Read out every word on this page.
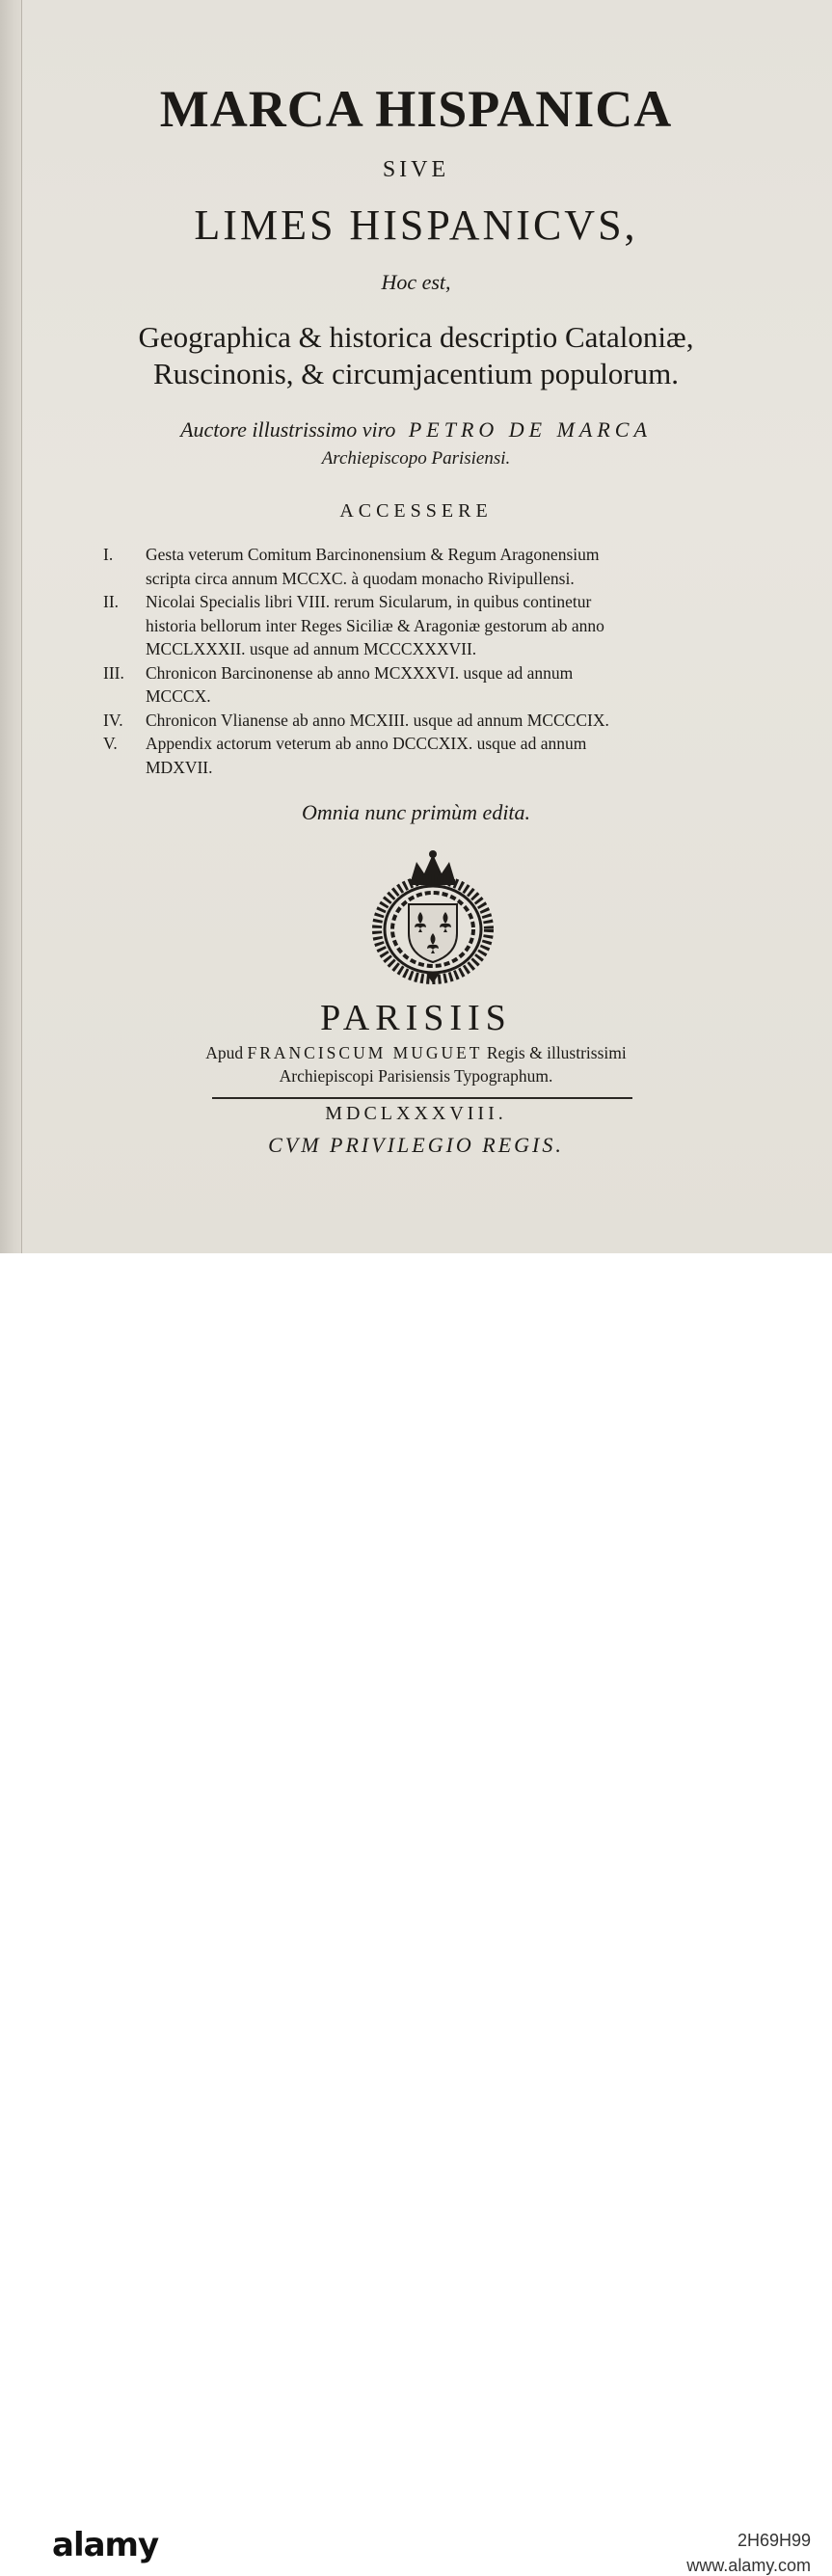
MARCA HISPANICA
SIVE
LIMES HISPANICVS,
Hoc est,
Geographica & historica descriptio Cataloniæ,
Ruscinonis, & circumjacentium populorum.
Auctore illustrissimo viro PETRO DE MARCA
Archiepiscopo Parisiensi.
ACCESSERE
I.	Gesta veterum Comitum Barcinonensium & Regum Aragonensium
scripta circa annum MCCXC. à quodam monacho Rivipullensi.
II.	Nicolai Specialis libri VIII. rerum Sicularum, in quibus continetur
historia bellorum inter Reges Siciliæ & Aragoniæ gestorum ab anno
MCCLXXXII. usque ad annum MCCCXXXVII.
III.	Chronicon Barcinonense ab anno MCXXXVI. usque ad annum
MCCCX.
IV.	Chronicon Vlianense ab anno MCXIII. usque ad annum MCCCCIX.
V.	Appendix actorum veterum ab anno DCCCXIX. usque ad annum
MDXVII.
Omnia nunc primùm edita.
PARISIIS
Apud FRANCISCUM MUGUET Regis & illustrissimi
Archiepiscopi Parisiensis Typographum.
MDCLXXXVIII.
CVM PRIVILEGIO REGIS.
alamy	2H69H99
www.alamy.com
